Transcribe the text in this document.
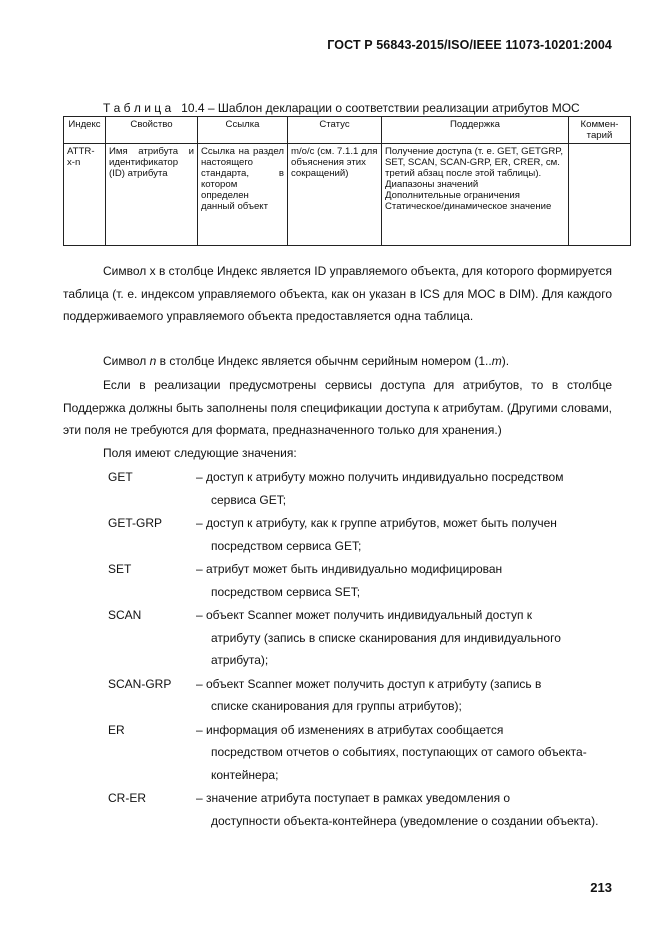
ГОСТ Р 56843-2015/ISO/IEEE 11073-10201:2004
Т а б л и ц а 10.4 – Шаблон декларации о соответствии реализации атрибутов МОС
Индекс	Свойство	Ссылка	Статус	Поддержка	Коммен-тарий
ATTR-x-n	Имя атрибута и идентификатор (ID) атрибута	Ссылка на раздел настоящего стандарта, в котором определен данный объект	m/o/c (см. 7.1.1 для объяснения этих сокращений)	Получение доступа (т. е. GET, GETGRP, SET, SCAN, SCAN-GRP, ER, CRER, см. третий абзац после этой таблицы).
Диапазоны значений
Дополнительные ограничения
Статическое/динамическое значение	

Символ x в столбце Индекс является ID управляемого объекта, для которого формируется таблица (т. е. индексом управляемого объекта, как он указан в ICS для МОС в DIM). Для каждого поддерживаемого управляемого объекта предоставляется одна таблица.
Символ n в столбце Индекс является обычнм серийным номером (1..m).
Если в реализации предусмотрены сервисы доступа для атрибутов, то в столбце Поддержка должны быть заполнены поля спецификации доступа к атрибутам. (Другими словами, эти поля не требуются для формата, предназначенного только для хранения.)
Поля имеют следующие значения:
GET	– доступ к атрибуту можно получить индивидуально посредством
сервиса GET;
GET-GRP	– доступ к атрибуту, как к группе атрибутов, может быть получен
посредством сервиса GET;
SET	– атрибут может быть индивидуально модифицирован
посредством сервиса SET;
SCAN	– объект Scanner может получить индивидуальный доступ к
атрибуту (запись в списке сканирования для индивидуального атрибута);
SCAN-GRP	– объект Scanner может получить доступ к атрибуту (запись в
списке сканирования для группы атрибутов);
ER	– информация об изменениях в атрибутах сообщается
посредством отчетов о событиях, поступающих от самого объекта-контейнера;
CR-ER	– значение атрибута поступает в рамках уведомления о
доступности объекта-контейнера (уведомление о создании объекта).
213
